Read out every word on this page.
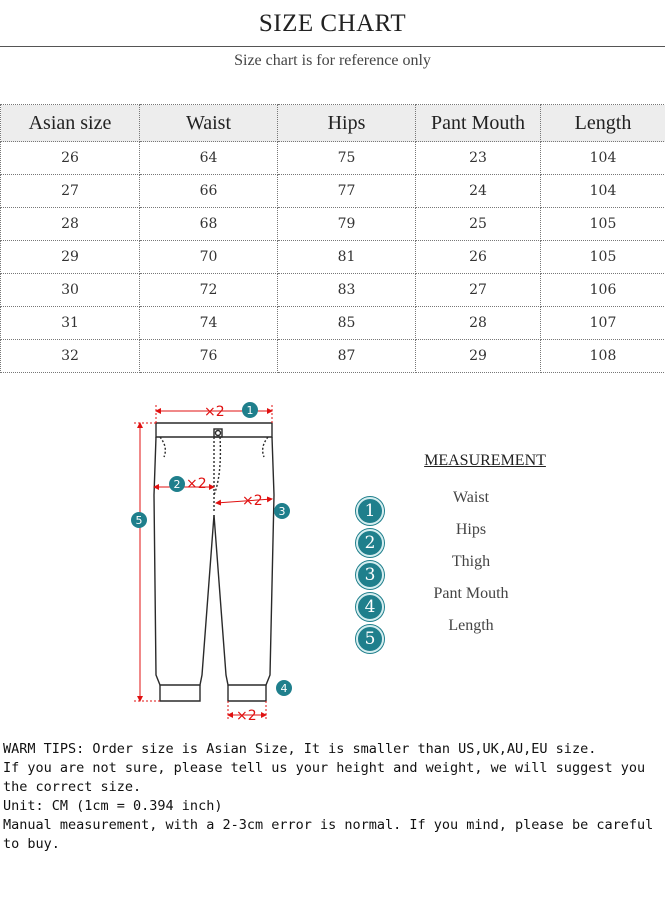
SIZE CHART
Size chart is for reference only
Asian size	Waist	Hips	Pant Mouth	Length
26	64	75	23	104
27	66	77	24	104
28	68	79	25	105
29	70	81	26	105
30	72	83	27	106
31	74	85	28	107
32	76	87	29	108
×2
×2
×2
×2
1
2
3
4
5
MEASUREMENT
1
Waist
2
Hips
3
Thigh
4
Pant Mouth
5
Length
WARM TIPS: Order size is Asian Size, It is smaller than US,UK,AU,EU size.
If you are not sure, please tell us your height and weight, we will suggest you the correct size.
Unit: CM (1cm = 0.394 inch)
Manual measurement, with a 2-3cm error is normal. If you mind, please be careful to buy.
